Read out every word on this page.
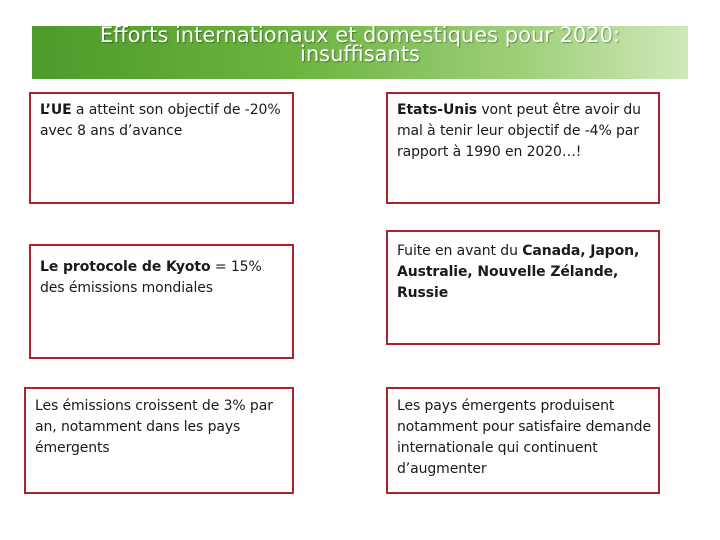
Efforts internationaux et domestiques pour 2020:
insuffisants
L’UE a atteint son objectif de -20% avec 8 ans d’avance
Etats-Unis vont peut être avoir du mal à tenir leur objectif de -4% par rapport à 1990 en 2020…!
Le protocole de Kyoto = 15% des émissions mondiales
Fuite en avant du Canada, Japon, Australie, Nouvelle Zélande, Russie
Les émissions croissent de 3% par an, notamment dans les pays émergents
Les pays émergents produisent notamment pour satisfaire demande internationale qui continuent d’augmenter
